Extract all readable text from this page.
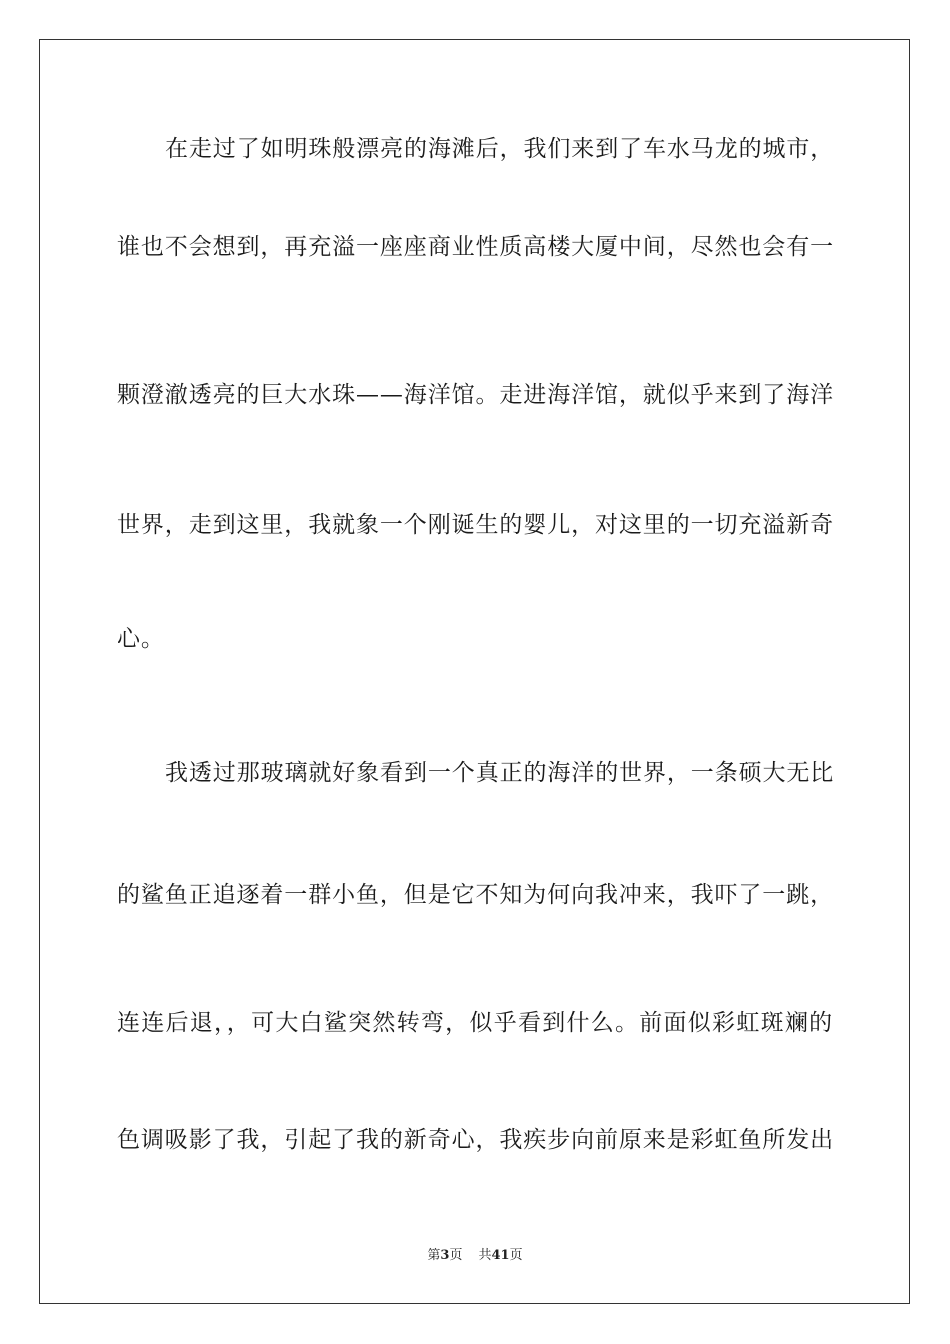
在走过了如明珠般漂亮的海滩后，我们来到了车水马龙的城市，
谁也不会想到，再充溢一座座商业性质高楼大厦中间，尽然也会有一
颗澄澈透亮的巨大水珠——海洋馆。走进海洋馆，就似乎来到了海洋
世界，走到这里，我就象一个刚诞生的婴儿，对这里的一切充溢新奇
心。
我透过那玻璃就好象看到一个真正的海洋的世界，一条硕大无比
的鲨鱼正追逐着一群小鱼，但是它不知为何向我冲来，我吓了一跳，
连连后退，，可大白鲨突然转弯，似乎看到什么。前面似彩虹斑斓的
色调吸影了我，引起了我的新奇心，我疾步向前原来是彩虹鱼所发出
第3页 共41页
